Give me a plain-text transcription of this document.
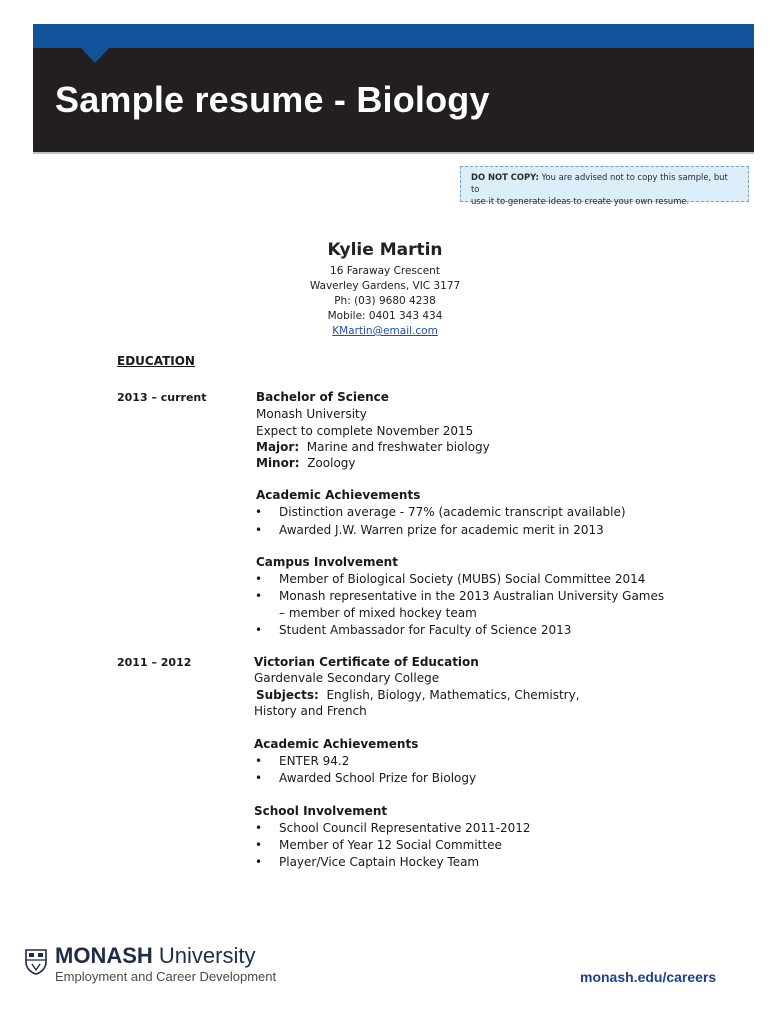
Sample resume - Biology
DO NOT COPY: You are advised not to copy this sample, but to
use it to generate ideas to create your own resume.
Kylie Martin
16 Faraway Crescent
Waverley Gardens, VIC 3177
Ph: (03) 9680 4238
Mobile: 0401 343 434
KMartin@email.com
EDUCATION
2013 – current	Bachelor of Science
Monash University
Expect to complete November 2015
Major: Marine and freshwater biology
Minor: Zoology
Academic Achievements
• Distinction average - 77% (academic transcript available)
• Awarded J.W. Warren prize for academic merit in 2013
Campus Involvement
• Member of Biological Society (MUBS) Social Committee 2014
• Monash representative in the 2013 Australian University Games
– member of mixed hockey team
• Student Ambassador for Faculty of Science 2013
2011 – 2012	Victorian Certificate of Education
Gardenvale Secondary College
Subjects: English, Biology, Mathematics, Chemistry,
History and French
Academic Achievements
• ENTER 94.2
• Awarded School Prize for Biology
School Involvement
• School Council Representative 2011-2012
• Member of Year 12 Social Committee
• Player/Vice Captain Hockey Team
MONASH University
Employment and Career Development	monash.edu/careers
